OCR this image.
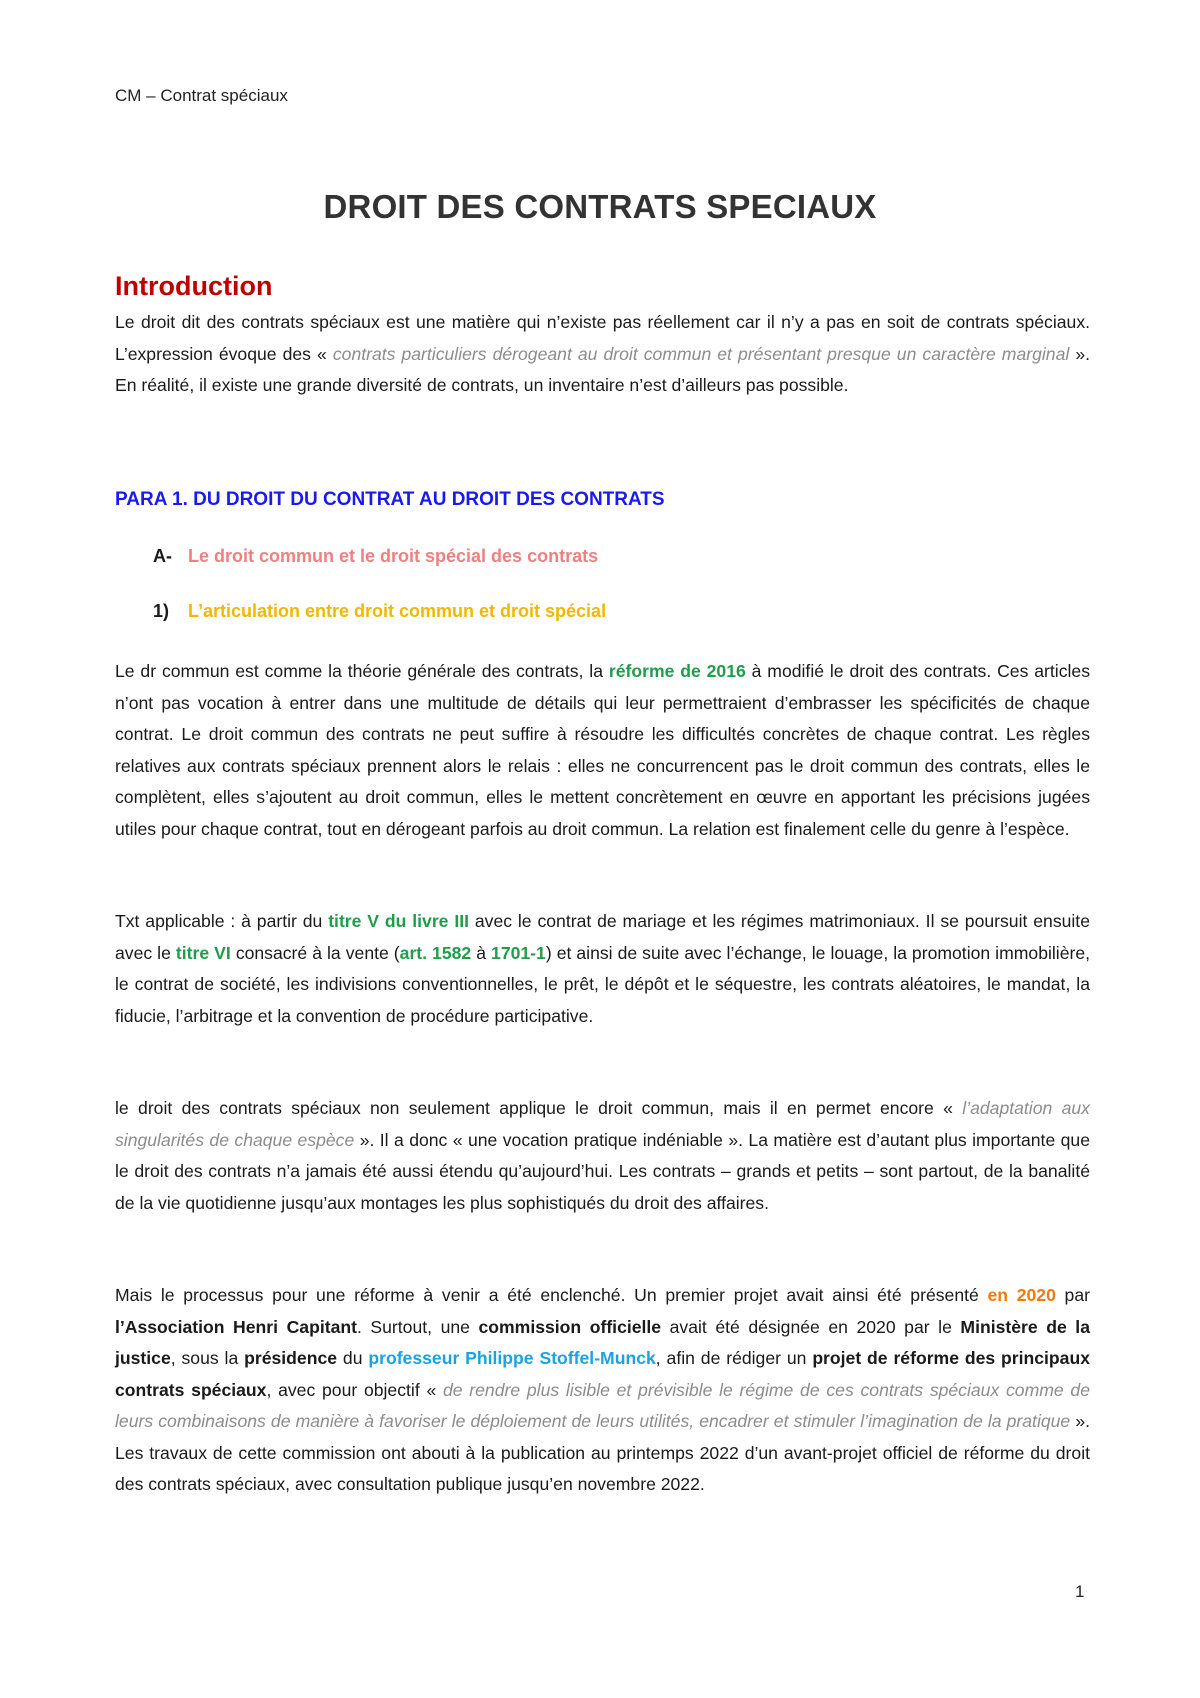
CM – Contrat spéciaux
DROIT DES CONTRATS SPECIAUX
Introduction

Le droit dit des contrats spéciaux est une matière qui n’existe pas réellement car il n’y a pas en soit de contrats spéciaux. L’expression évoque des « contrats particuliers dérogeant au droit commun et présentant presque un caractère marginal ». En réalité, il existe une grande diversité de contrats, un inventaire n’est d’ailleurs pas possible.

PARA 1. DU DROIT DU CONTRAT AU DROIT DES CONTRATS
A- Le droit commun et le droit spécial des contrats
1) L’articulation entre droit commun et droit spécial

Le dr commun est comme la théorie générale des contrats, la réforme de 2016 à modifié le droit des contrats. Ces articles n’ont pas vocation à entrer dans une multitude de détails qui leur permettraient d’embrasser les spécificités de chaque contrat. Le droit commun des contrats ne peut suffire à résoudre les difficultés concrètes de chaque contrat. Les règles relatives aux contrats spéciaux prennent alors le relais : elles ne concurrencent pas le droit commun des contrats, elles le complètent, elles s’ajoutent au droit commun, elles le mettent concrètement en œuvre en apportant les précisions jugées utiles pour chaque contrat, tout en dérogeant parfois au droit commun. La relation est finalement celle du genre à l’espèce.

Txt applicable : à partir du titre V du livre III avec le contrat de mariage et les régimes matrimoniaux. Il se poursuit ensuite avec le titre VI consacré à la vente (art. 1582 à 1701-1) et ainsi de suite avec l’échange, le louage, la promotion immobilière, le contrat de société, les indivisions conventionnelles, le prêt, le dépôt et le séquestre, les contrats aléatoires, le mandat, la fiducie, l’arbitrage et la convention de procédure participative.

le droit des contrats spéciaux non seulement applique le droit commun, mais il en permet encore « l’adaptation aux singularités de chaque espèce ». Il a donc « une vocation pratique indéniable ». La matière est d’autant plus importante que le droit des contrats n’a jamais été aussi étendu qu’aujourd’hui. Les contrats – grands et petits – sont partout, de la banalité de la vie quotidienne jusqu’aux montages les plus sophistiqués du droit des affaires.

Mais le processus pour une réforme à venir a été enclenché. Un premier projet avait ainsi été présenté en 2020 par l’Association Henri Capitant. Surtout, une commission officielle avait été désignée en 2020 par le Ministère de la justice, sous la présidence du professeur Philippe Stoffel-Munck, afin de rédiger un projet de réforme des principaux contrats spéciaux, avec pour objectif « de rendre plus lisible et prévisible le régime de ces contrats spéciaux comme de leurs combinaisons de manière à favoriser le déploiement de leurs utilités, encadrer et stimuler l’imagination de la pratique ». Les travaux de cette commission ont abouti à la publication au printemps 2022 d’un avant-projet officiel de réforme du droit des contrats spéciaux, avec consultation publique jusqu’en novembre 2022.

1
